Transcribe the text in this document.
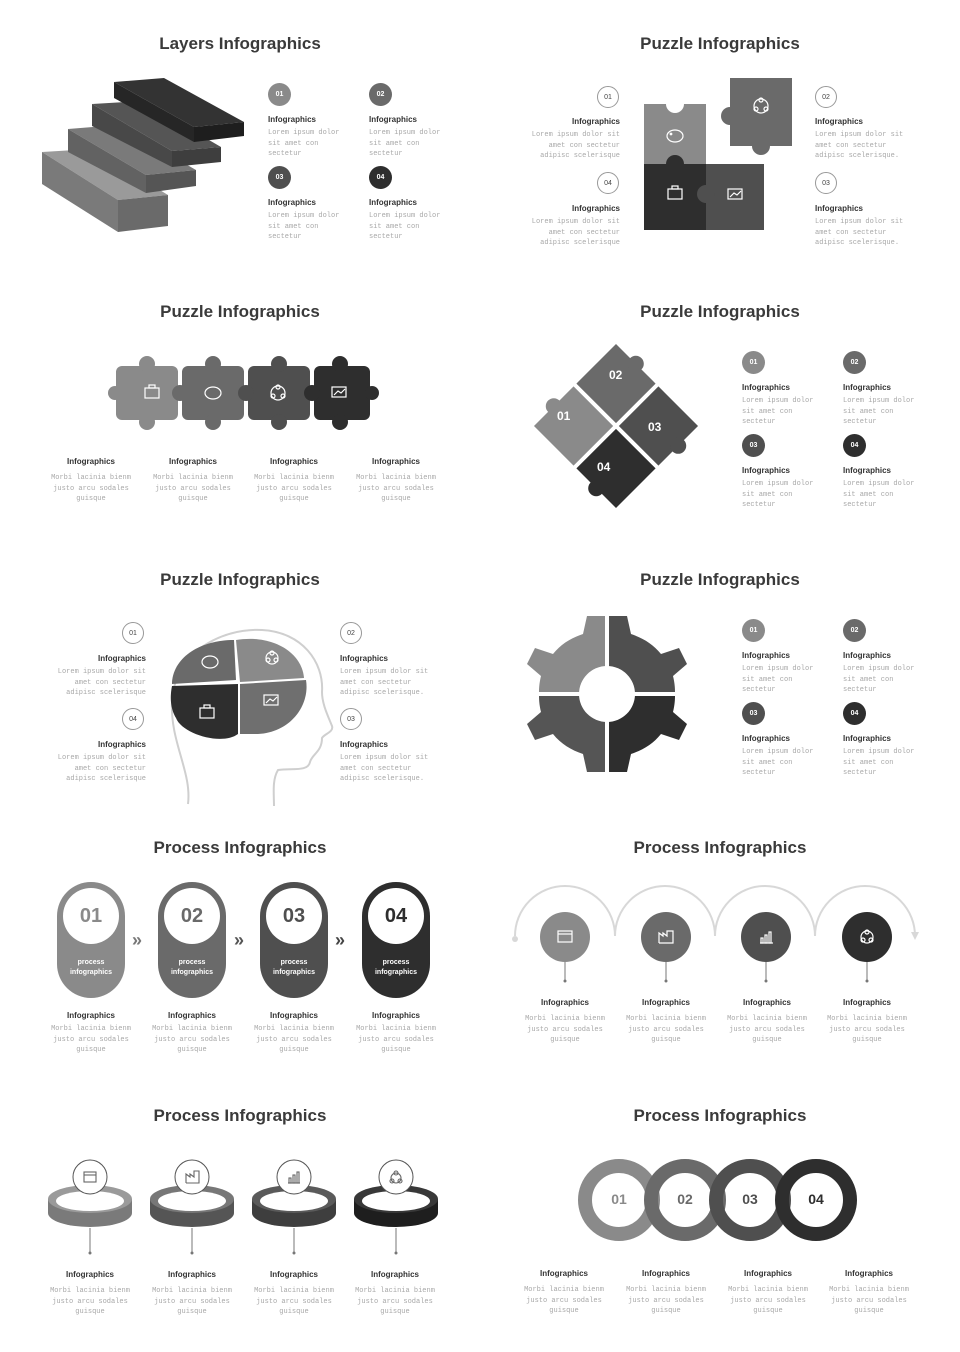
Layers Infographics
01
Infographics
Lorem ipsum dolor sit amet con sectetur
02
Infographics
Lorem ipsum dolor sit amet con sectetur
03
Infographics
Lorem ipsum dolor sit amet con sectetur
04
Infographics
Lorem ipsum dolor sit amet con sectetur
Puzzle Infographics
01
Infographics
Lorem ipsum dolor sit amet con sectetur adipisc scelerisque
04
Infographics
Lorem ipsum dolor sit amet con sectetur adipisc scelerisque
02
Infographics
Lorem ipsum dolor sit amet con sectetur adipisc scelerisque.
03
Infographics
Lorem ipsum dolor sit amet con sectetur adipisc scelerisque.
Puzzle Infographics
Infographics
Morbi lacinia bienm justo arcu sodales guisque
Infographics
Morbi lacinia bienm justo arcu sodales guisque
Infographics
Morbi lacinia bienm justo arcu sodales guisque
Infographics
Morbi lacinia bienm justo arcu sodales guisque
Puzzle Infographics
01
02
03
04
01
Infographics
Lorem ipsum dolor sit amet con sectetur
02
Infographics
Lorem ipsum dolor sit amet con sectetur
03
Infographics
Lorem ipsum dolor sit amet con sectetur
04
Infographics
Lorem ipsum dolor sit amet con sectetur
Puzzle Infographics
01
Infographics
Lorem ipsum dolor sit amet con sectetur adipisc scelerisque
04
Infographics
Lorem ipsum dolor sit amet con sectetur adipisc scelerisque
02
Infographics
Lorem ipsum dolor sit amet con sectetur adipisc scelerisque.
03
Infographics
Lorem ipsum dolor sit amet con sectetur adipisc scelerisque.
Puzzle Infographics
01
Infographics
Lorem ipsum dolor sit amet con sectetur
02
Infographics
Lorem ipsum dolor sit amet con sectetur
03
Infographics
Lorem ipsum dolor sit amet con sectetur
04
Infographics
Lorem ipsum dolor sit amet con sectetur
Process Infographics
01
process infographics
»
02
process infographics
»
03
process infographics
»
04
process infographics
Infographics
Morbi lacinia bienm justo arcu sodales guisque
Infographics
Morbi lacinia bienm justo arcu sodales guisque
Infographics
Morbi lacinia bienm justo arcu sodales guisque
Infographics
Morbi lacinia bienm justo arcu sodales guisque
Process Infographics
Infographics
Morbi lacinia bienm justo arcu sodales guisque
Infographics
Morbi lacinia bienm justo arcu sodales guisque
Infographics
Morbi lacinia bienm justo arcu sodales guisque
Infographics
Morbi lacinia bienm justo arcu sodales guisque
Process Infographics
Infographics
Morbi lacinia bienm justo arcu sodales guisque
Infographics
Morbi lacinia bienm justo arcu sodales guisque
Infographics
Morbi lacinia bienm justo arcu sodales guisque
Infographics
Morbi lacinia bienm justo arcu sodales guisque
Process Infographics
01	02	03	04
Infographics
Morbi lacinia bienm justo arcu sodales guisque
Infographics
Morbi lacinia bienm justo arcu sodales guisque
Infographics
Morbi lacinia bienm justo arcu sodales guisque
Infographics
Morbi lacinia bienm justo arcu sodales guisque
